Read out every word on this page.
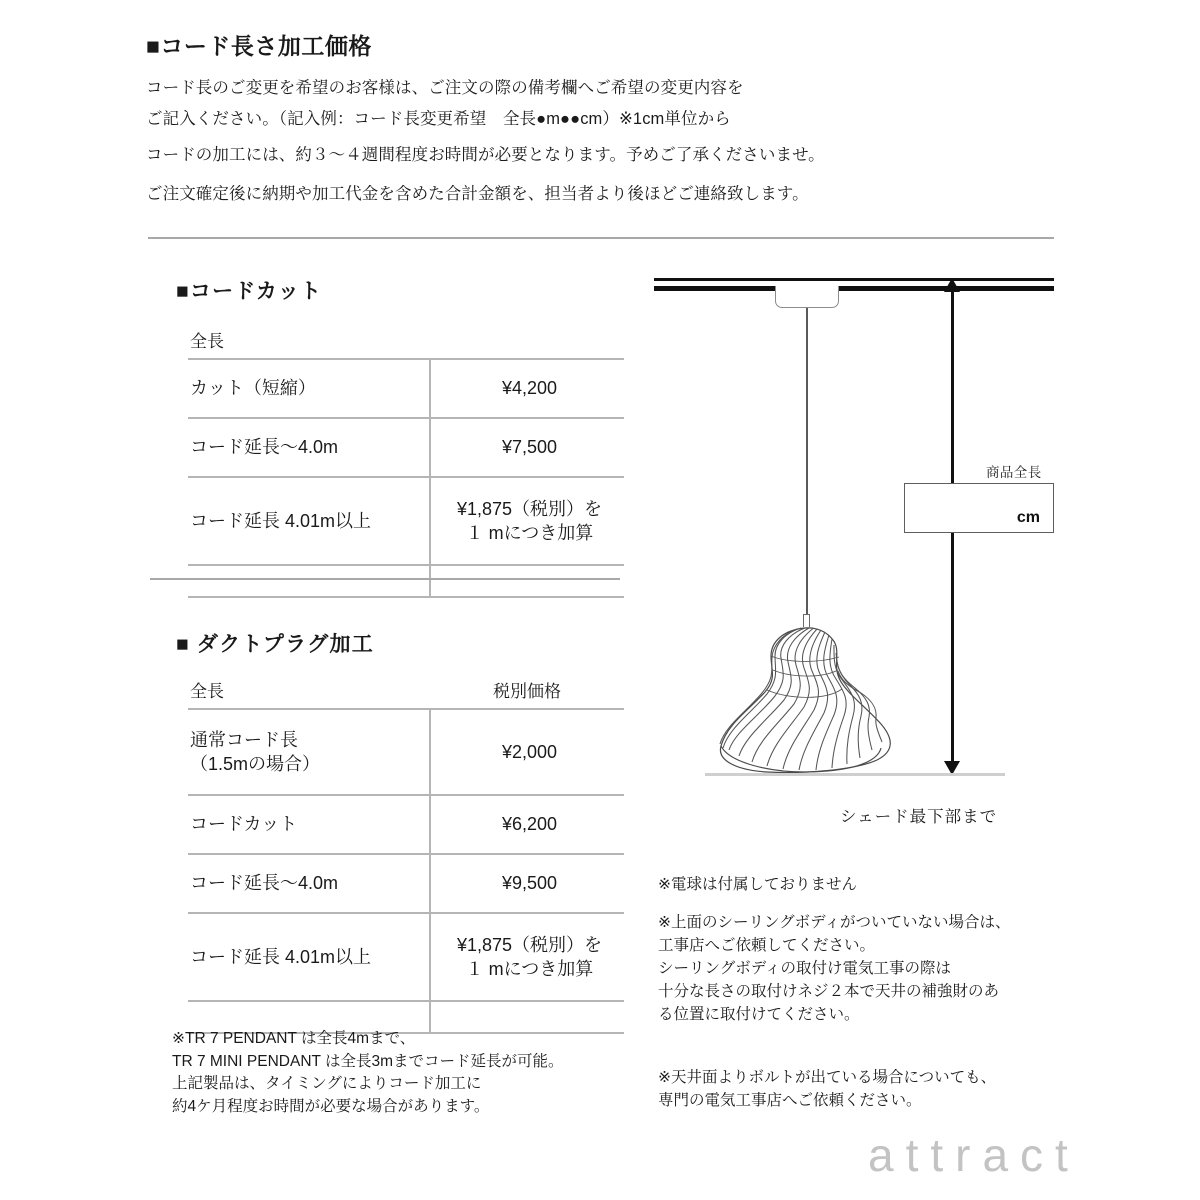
■コード長さ加工価格
コード長のご変更を希望のお客様は、ご注文の際の備考欄へご希望の変更内容を
ご記入ください。（記入例：コード長変更希望　全長●m●●cm）※1cm単位から
コードの加工には、約３～４週間程度お時間が必要となります。予めご了承くださいませ。
ご注文確定後に納期や加工代金を含めた合計金額を、担当者より後ほどご連絡致します。
■コードカット
全長	
カット（短縮）	¥4,200
コード延長～4.0m	¥7,500
コード延長 4.01m以上	¥1,875（税別）を
１ mにつき加算

■ ダクトプラグ加工
全長	税別価格

通常コード長
（1.5mの場合）	¥2,000
コードカット	¥6,200
コード延長～4.0m	¥9,500
コード延長 4.01m以上	¥1,875（税別）を
１ mにつき加算

※TR 7 PENDANT は全長4mまで、
TR 7 MINI PENDANT は全長3mまでコード延長が可能。
上記製品は、タイミングによりコード加工に
約4ケ月程度お時間が必要な場合があります。
商品全長
cm
シェード最下部まで
※電球は付属しておりません
※上面のシーリングボディがついていない場合は、
工事店へご依頼してください。
シーリングボディの取付け電気工事の際は
十分な長さの取付けネジ２本で天井の補強財のあ
る位置に取付けてください。
※天井面よりボルトが出ている場合についても、
専門の電気工事店へご依頼ください。
attract
